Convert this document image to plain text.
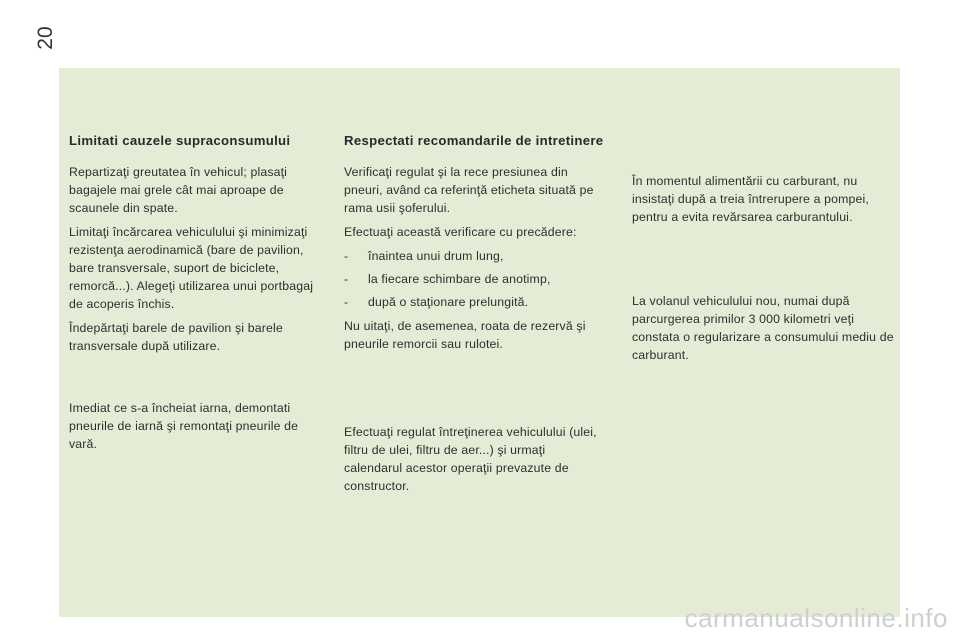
20
Limitati cauzele supraconsumului

Repartizaţi greutatea în vehicul; plasaţi bagajele mai grele cât mai aproape de scaunele din spate.

Limitaţi încărcarea vehiculului şi minimizaţi rezistenţa aerodinamică (bare de pavilion, bare transversale, suport de biciclete, remorcă...). Alegeţi utilizarea unui portbagaj de acoperis închis.

Îndepărtaţi barele de pavilion şi barele transversale după utilizare.

Imediat ce s-a încheiat iarna, demontati pneurile de iarnă şi remontaţi pneurile de vară.

Respectati recomandarile de intretinere

Verificaţi regulat şi la rece presiunea din pneuri, având ca referinţă eticheta situată pe rama usii şoferului.

Efectuaţi această verificare cu precădere:

- înaintea unui drum lung,
- la fiecare schimbare de anotimp,
- după o staţionare prelungită.

Nu uitaţi, de asemenea, roata de rezervă şi pneurile remorcii sau rulotei.

Efectuaţi regulat întreţinerea vehiculului (ulei, filtru de ulei, filtru de aer...) şi urmaţi calendarul acestor operaţii prevazute de constructor.

În momentul alimentării cu carburant, nu insistaţi după a treia întrerupere a pompei, pentru a evita revărsarea carburantului.

La volanul vehiculului nou, numai după parcurgerea primilor 3 000 kilometri veţi constata o regularizare a consumului mediu de carburant.

carmanualsonline.info
